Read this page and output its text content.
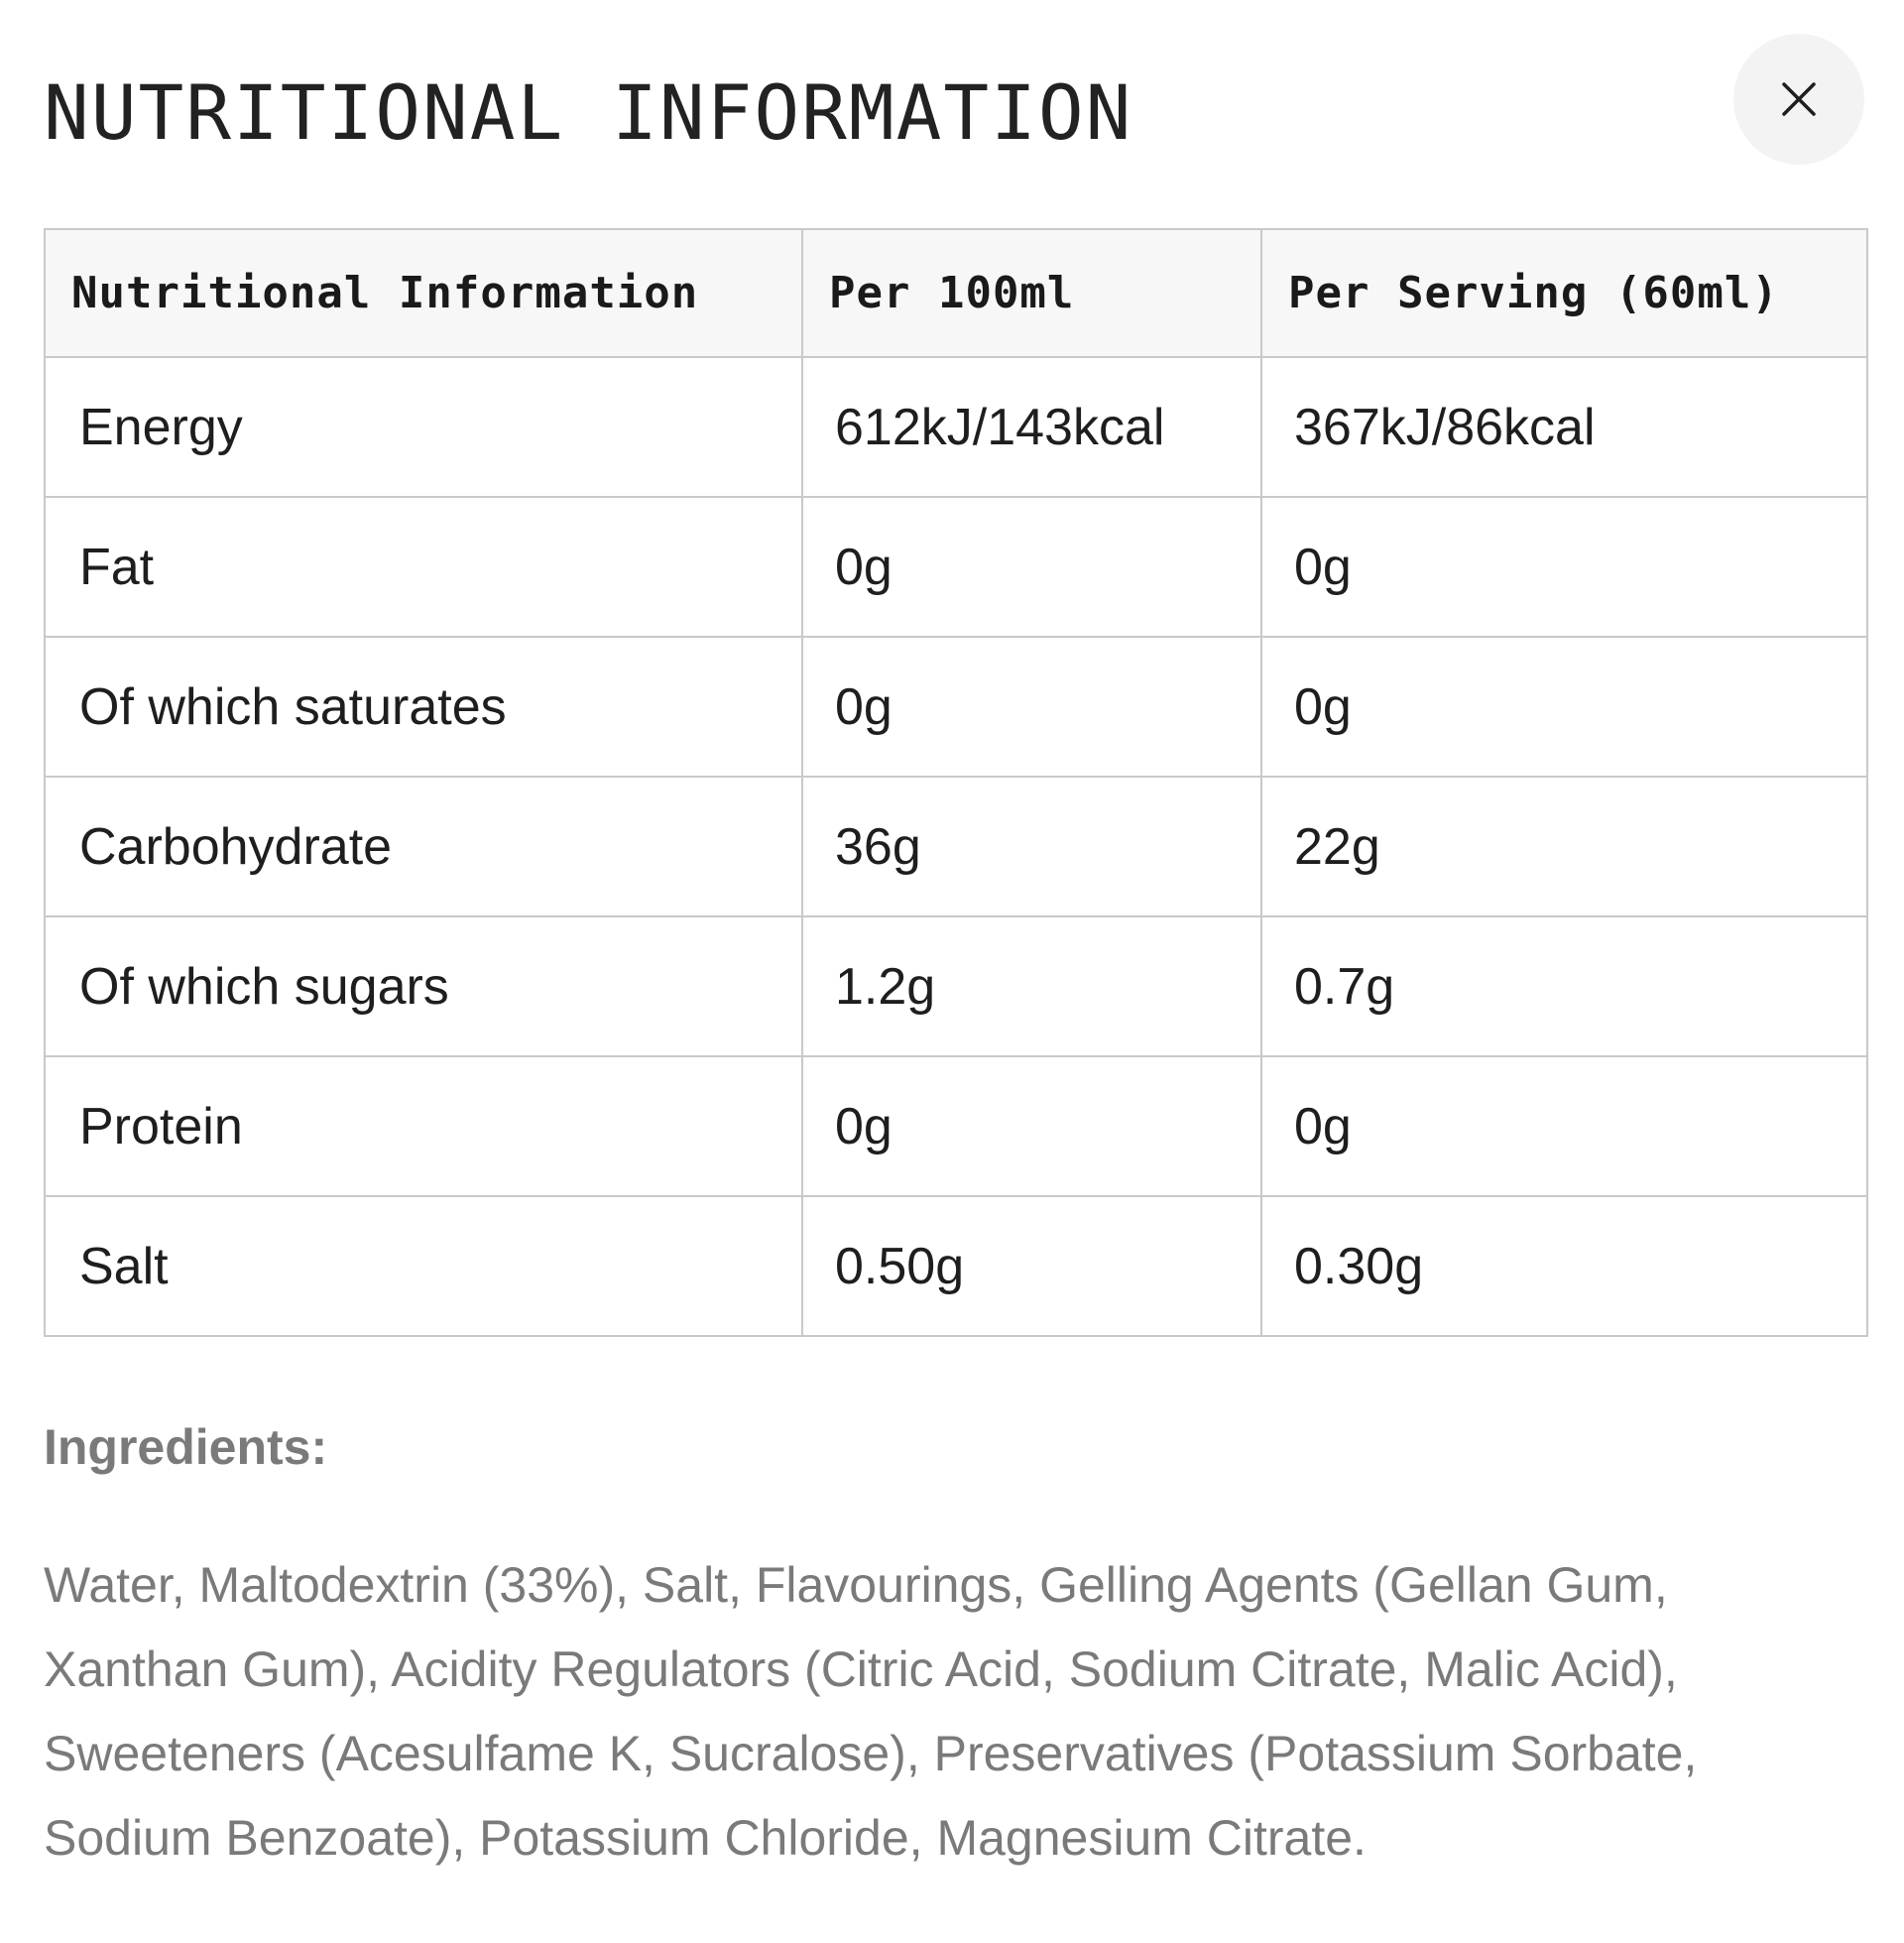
NUTRITIONAL INFORMATION
Nutritional Information	Per 100ml	Per Serving (60ml)
Energy	612kJ/143kcal	367kJ/86kcal
Fat	0g	0g
Of which saturates	0g	0g
Carbohydrate	36g	22g
Of which sugars	1.2g	0.7g
Protein	0g	0g
Salt	0.50g	0.30g
Ingredients:

Water, Maltodextrin (33%), Salt, Flavourings, Gelling Agents (Gellan Gum, Xanthan Gum), Acidity Regulators (Citric Acid, Sodium Citrate, Malic Acid), Sweeteners (Acesulfame K, Sucralose), Preservatives (Potassium Sorbate, Sodium Benzoate), Potassium Chloride, Magnesium Citrate.
